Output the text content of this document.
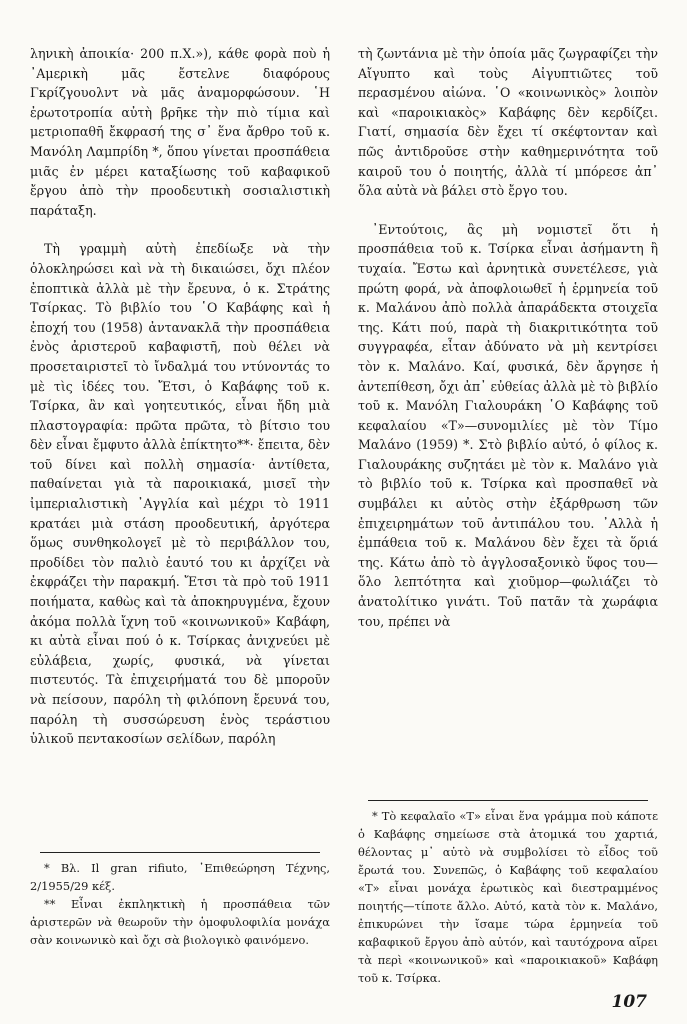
ληνικὴ ἀποικία· 200 π.Χ.»), κάθε φορὰ ποὺ ἡ ᾿Αμερικὴ μᾶς ἔστελνε διαφόρους Γκρίζγουολντ νὰ μᾶς ἀναμορφώσουν. ῾Η ἐρωτοτροπία αὐτὴ βρῆκε τὴν πιὸ τίμια καὶ μετριοπαθῆ ἔκφρασή της σ᾿ ἕνα ἄρθρο τοῦ κ. Μανόλη Λαμπρίδη *, ὅπου γίνεται προσπάθεια μιᾶς ἐν μέρει καταξίωσης τοῦ καβαφικοῦ ἔργου ἀπὸ τὴν προοδευτικὴ σοσιαλιστικὴ παράταξη.

Τὴ γραμμὴ αὐτὴ ἐπεδίωξε νὰ τὴν ὁλοκληρώσει καὶ νὰ τὴ δικαιώσει, ὄχι πλέον ἐποπτικὰ ἀλλὰ μὲ τὴν ἔρευνα, ὁ κ. Στράτης Τσίρκας. Τὸ βιβλίο του ῾Ο Καβάφης καὶ ἡ ἐποχή του (1958) ἀντανακλᾶ τὴν προσπάθεια ἑνὸς ἀριστεροῦ καβαφιστῆ, ποὺ θέλει νὰ προσεταιριστεῖ τὸ ἴνδαλμά του ντύνοντάς το μὲ τὶς ἰδέες του. Ἔτσι, ὁ Καβάφης τοῦ κ. Τσίρκα, ἂν καὶ γοητευτικός, εἶναι ἤδη μιὰ πλαστογραφία: πρῶτα πρῶτα, τὸ βίτσιο του δὲν εἶναι ἔμφυτο ἀλλὰ ἐπίκτητο**· ἔπειτα, δὲν τοῦ δίνει καὶ πολλὴ σημασία· ἀντίθετα, παθαίνεται γιὰ τὰ παροικιακά, μισεῖ τὴν ἰμπεριαλιστικὴ ᾿Αγγλία καὶ μέχρι τὸ 1911 κρατάει μιὰ στάση προοδευτική, ἀργότερα ὅμως συνθηκολογεῖ μὲ τὸ περιβάλλον του, προδίδει τὸν παλιὸ ἑαυτό του κι ἀρχίζει νὰ ἐκφράζει τὴν παρακμή. Ἔτσι τὰ πρὸ τοῦ 1911 ποιήματα, καθὼς καὶ τὰ ἀποκηρυγμένα, ἔχουν ἀκόμα πολλὰ ἴχνη τοῦ «κοινωνικοῦ» Καβάφη, κι αὐτὰ εἶναι πού ὁ κ. Τσίρκας ἀνιχνεύει μὲ εὐλάβεια, χωρίς, φυσικά, νὰ γίνεται πιστευτός. Τὰ ἐπιχειρήματά του δὲ μποροῦν νὰ πείσουν, παρόλη τὴ φιλόπονη ἔρευνά του, παρόλη τὴ συσσώρευση ἑνὸς τεράστιου ὑλικοῦ πεντακοσίων σελίδων, παρόλη

* Βλ. Il gran rifiuto, ᾿Επιθεώρηση Τέχνης, 2/1955/29 κέξ.

** Εἶναι ἐκπληκτικὴ ἡ προσπάθεια τῶν ἀριστερῶν νὰ θεωροῦν τὴν ὁμοφυλοφιλία μονάχα σὰν κοινωνικὸ καὶ ὄχι σὰ βιολογικὸ φαινόμενο.

τὴ ζωντάνια μὲ τὴν ὁποία μᾶς ζωγραφίζει τὴν Αἴγυπτο καὶ τοὺς Αἰγυπτιῶτες τοῦ περασμένου αἰώνα. ῾Ο «κοινωνικὸς» λοιπὸν καὶ «παροικιακὸς» Καβάφης δὲν κερδίζει. Γιατί, σημασία δὲν ἔχει τί σκέφτονταν καὶ πῶς ἀντιδροῦσε στὴν καθημερινότητα τοῦ καιροῦ του ὁ ποιητής, ἀλλὰ τί μπόρεσε ἀπ᾿ ὅλα αὐτὰ νὰ βάλει στὸ ἔργο του.

᾿Εντούτοις, ἂς μὴ νομιστεῖ ὅτι ἡ προσπάθεια τοῦ κ. Τσίρκα εἶναι ἀσήμαντη ἢ τυχαία. Ἔστω καὶ ἀρνητικὰ συνετέλεσε, γιὰ πρώτη φορά, νὰ ἀποφλοιωθεῖ ἡ ἑρμηνεία τοῦ κ. Μαλάνου ἀπὸ πολλὰ ἀπαράδεκτα στοιχεῖα της. Κάτι πού, παρὰ τὴ διακριτικότητα τοῦ συγγραφέα, εἶταν ἀδύνατο νὰ μὴ κεντρίσει τὸν κ. Μαλάνο. Καί, φυσικά, δὲν ἄργησε ἡ ἀντεπίθεση, ὄχι ἀπ᾿ εὐθείας ἀλλὰ μὲ τὸ βιβλίο τοῦ κ. Μανόλη Γιαλουράκη ῾Ο Καβάφης τοῦ κεφαλαίου «Τ»—συνομιλίες μὲ τὸν Τίμο Μαλάνο (1959) *. Στὸ βιβλίο αὐτό, ὁ φίλος κ. Γιαλουράκης συζητάει μὲ τὸν κ. Μαλάνο γιὰ τὸ βιβλίο τοῦ κ. Τσίρκα καὶ προσπαθεῖ νὰ συμβάλει κι αὐτὸς στὴν ἐξάρθρωση τῶν ἐπιχειρημάτων τοῦ ἀντιπάλου του. ᾿Αλλὰ ἡ ἐμπάθεια τοῦ κ. Μαλάνου δὲν ἔχει τὰ ὅριά της. Κάτω ἀπὸ τὸ ἀγγλοσαξονικὸ ὕφος του—ὅλο λεπτότητα καὶ χιοῦμορ—φωλιάζει τὸ ἀνατολίτικο γινάτι. Τοῦ πατᾶν τὰ χωράφια του, πρέπει νὰ

* Τὸ κεφαλαῖο «Τ» εἶναι ἕνα γράμμα ποὺ κάποτε ὁ Καβάφης σημείωσε στὰ ἀτομικά του χαρτιά, θέλοντας μ᾿ αὐτὸ νὰ συμβολίσει τὸ εἶδος τοῦ ἔρωτά του. Συνεπῶς, ὁ Καβάφης τοῦ κεφαλαίου «Τ» εἶναι μονάχα ἐρωτικὸς καὶ διεστραμμένος ποιητής—τίποτε ἄλλο. Αὐτό, κατὰ τὸν κ. Μαλάνο, ἐπικυρώνει τὴν ἴσαμε τώρα ἑρμηνεία τοῦ καβαφικοῦ ἔργου ἀπὸ αὐτόν, καὶ ταυτόχρονα αἴρει τὰ περὶ «κοινωνικοῦ» καὶ «παροικιακοῦ» Καβάφη τοῦ κ. Τσίρκα.

107
